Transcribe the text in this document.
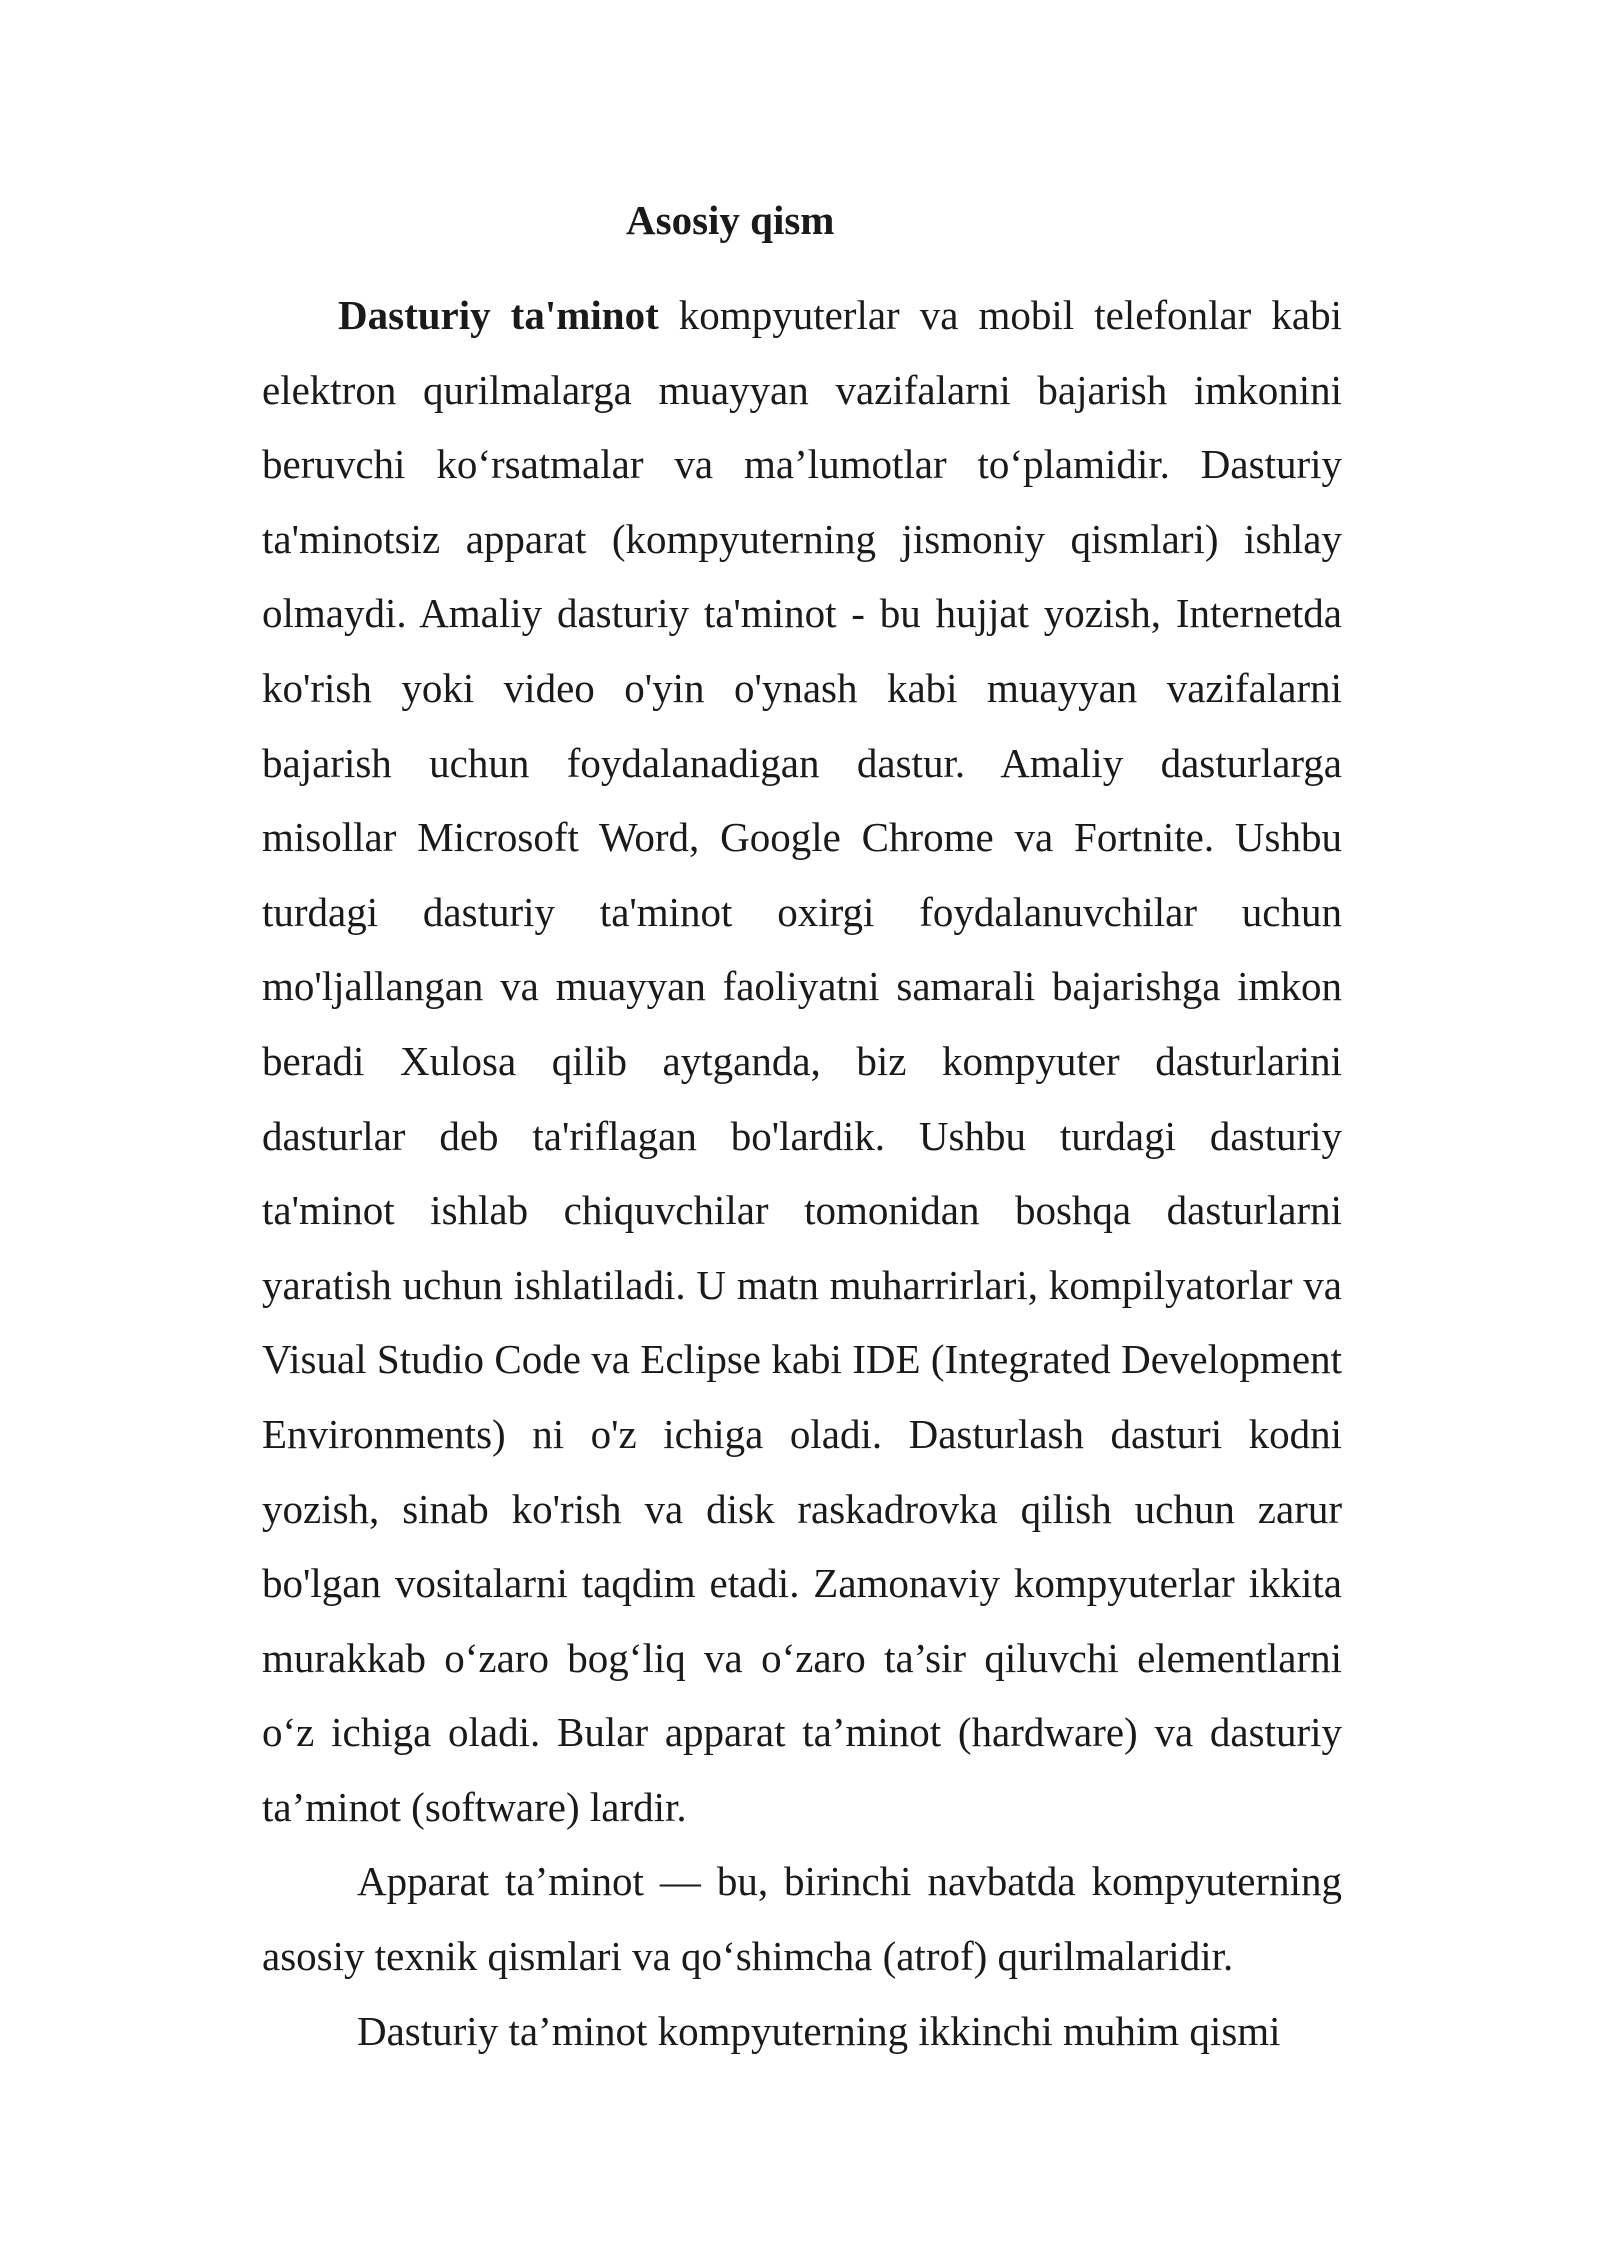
Asosiy qism

Dasturiy ta'minot kompyuterlar va mobil telefonlar kabi elektron qurilmalarga muayyan vazifalarni bajarish imkonini beruvchi ko‘rsatmalar va ma’lumotlar to‘plamidir. Dasturiy ta'minotsiz apparat (kompyuterning jismoniy qismlari) ishlay olmaydi. Amaliy dasturiy ta'minot - bu hujjat yozish, Internetda ko'rish yoki video o'yin o'ynash kabi muayyan vazifalarni bajarish uchun foydalanadigan dastur. Amaliy dasturlarga misollar Microsoft Word, Google Chrome va Fortnite. Ushbu turdagi dasturiy ta'minot oxirgi foydalanuvchilar uchun mo'ljallangan va muayyan faoliyatni samarali bajarishga imkon beradi Xulosa qilib aytganda, biz kompyuter dasturlarini dasturlar deb ta'riflagan bo'lardik. Ushbu turdagi dasturiy ta'minot ishlab chiquvchilar tomonidan boshqa dasturlarni yaratish uchun ishlatiladi. U matn muharrirlari, kompilyatorlar va Visual Studio Code va Eclipse kabi IDE (Integrated Development Environments) ni o'z ichiga oladi. Dasturlash dasturi kodni yozish, sinab ko'rish va disk raskadrovka qilish uchun zarur bo'lgan vositalarni taqdim etadi. Zamonaviy kompyuterlar ikkita murakkab o‘zaro bog‘liq va o‘zaro ta’sir qiluvchi elementlarni o‘z ichiga oladi. Bular apparat ta’minot (hardware) va dasturiy ta’minot (software) lardir.

Apparat ta’minot — bu, birinchi navbatda kompyuterning asosiy texnik qismlari va qo‘shimcha (atrof) qurilmalaridir.

Dasturiy ta’minot kompyuterning ikkinchi muhim qismi
